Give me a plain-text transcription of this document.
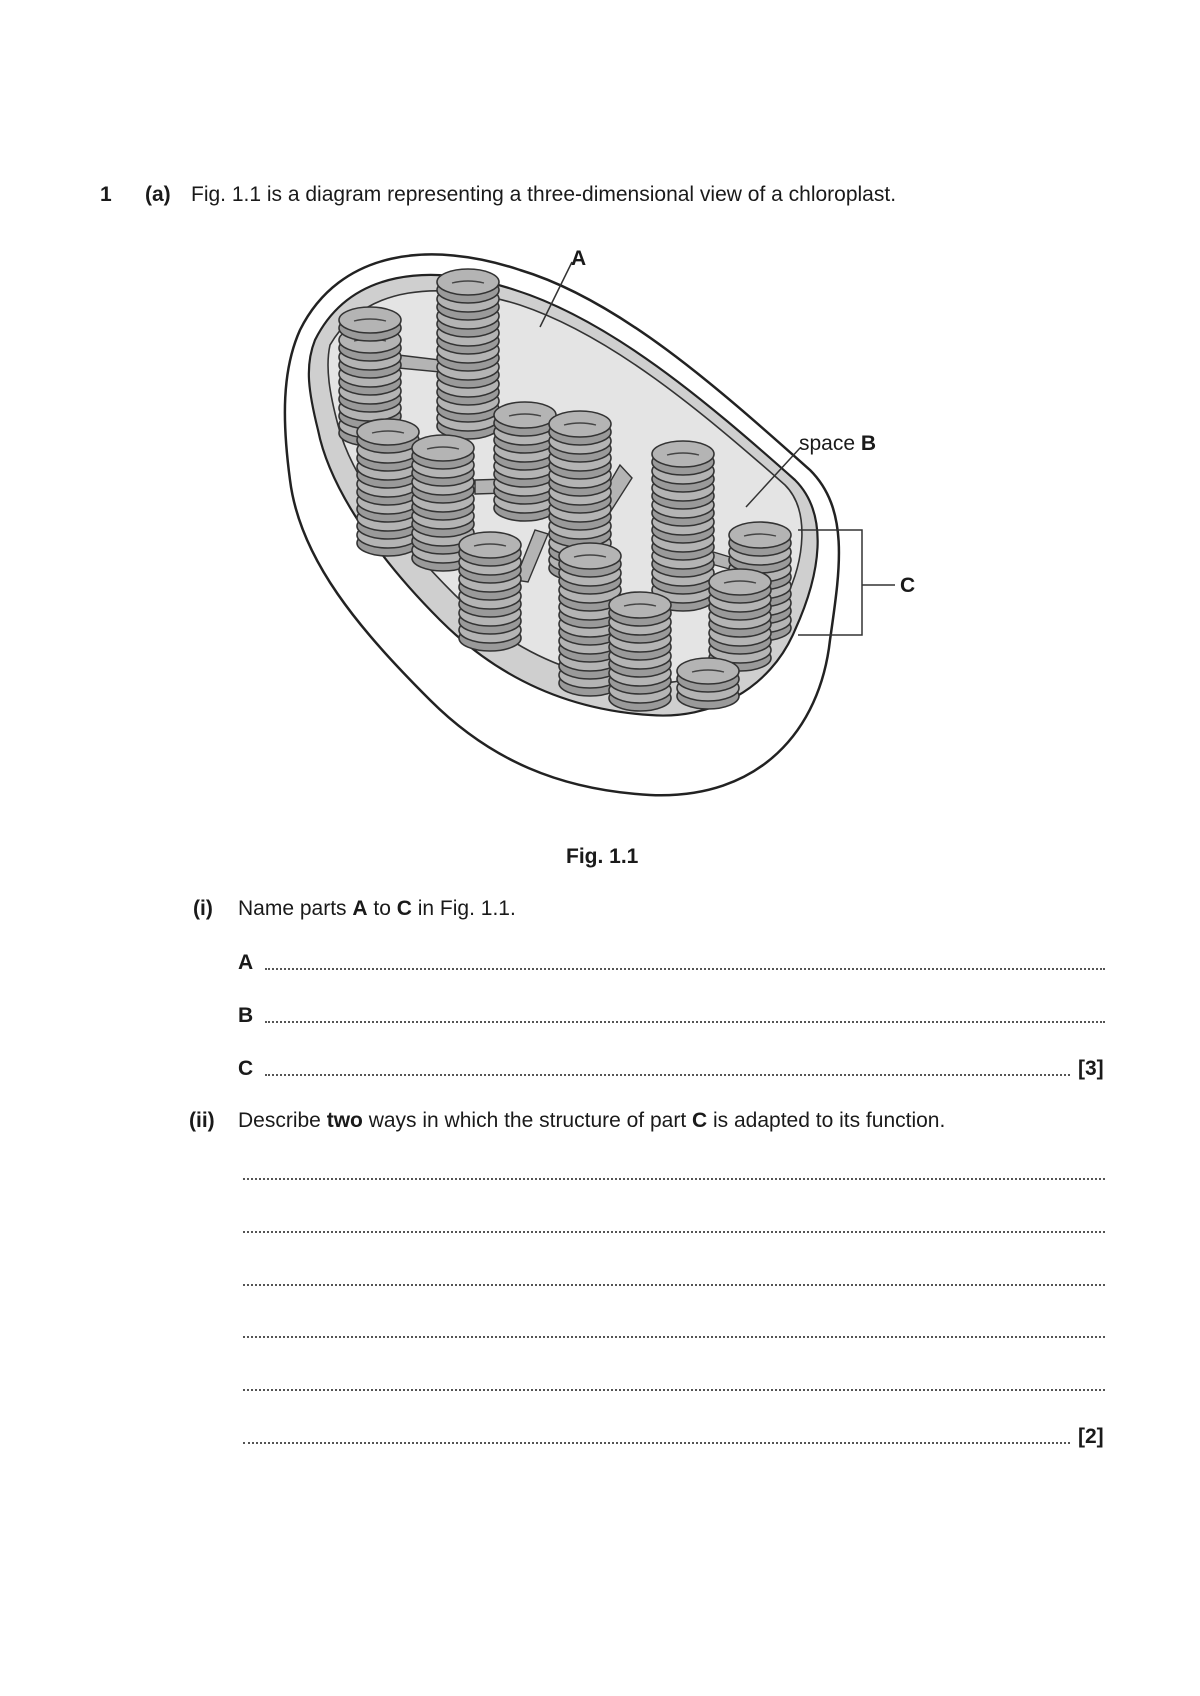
1 (a) Fig. 1.1 is a diagram representing a three-dimensional view of a chloroplast.
A
space B
C
Fig. 1.1
(i) Name parts A to C in Fig. 1.1.
A
B
C	[3]
(ii) Describe two ways in which the structure of part C is adapted to its function.
[2]
